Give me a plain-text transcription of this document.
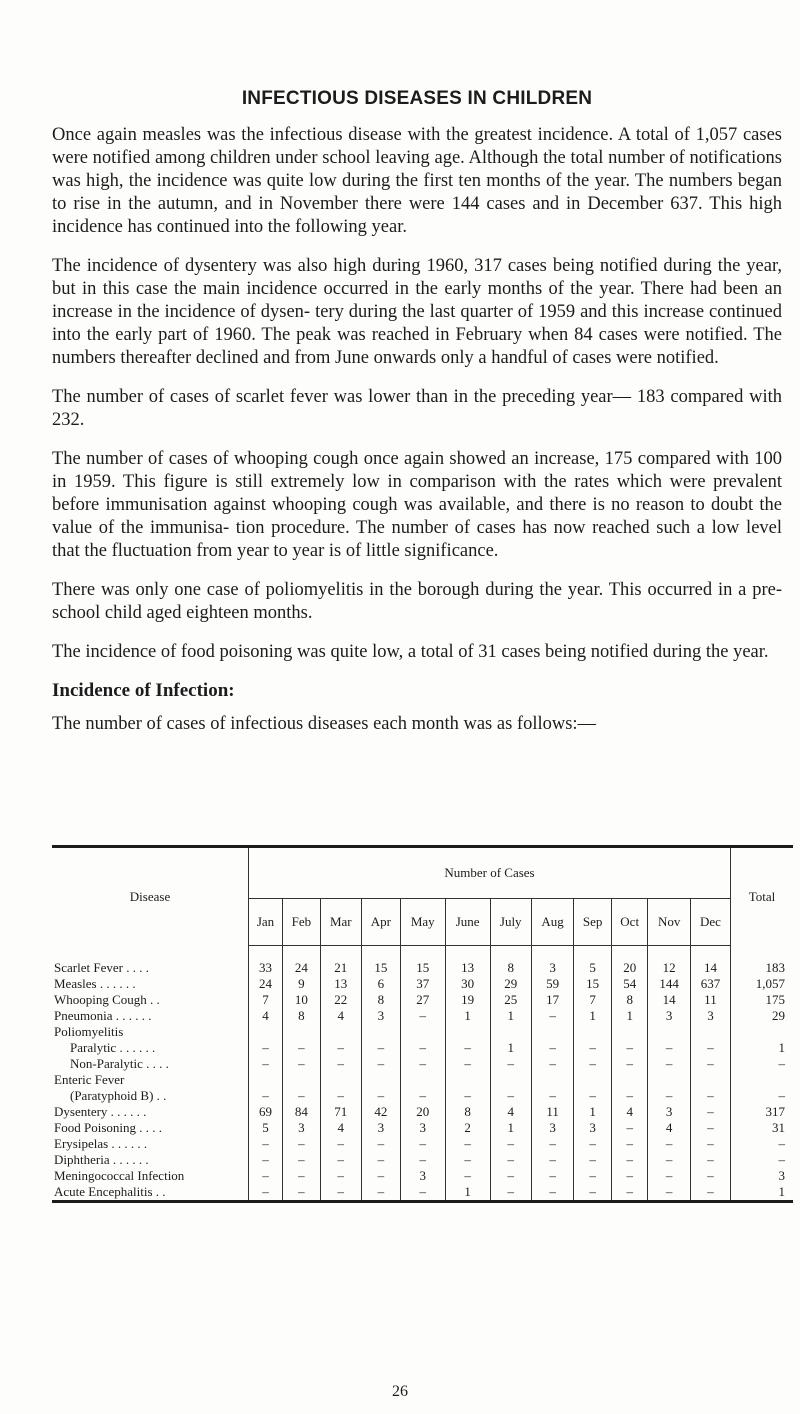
INFECTIOUS DISEASES IN CHILDREN

Once again measles was the infectious disease with the greatest incidence. A total of 1,057 cases were notified among children under school leaving age. Although the total number of notifications was high, the incidence was quite low during the first ten months of the year. The numbers began to rise in the autumn, and in November there were 144 cases and in December 637. This high incidence has continued into the following year.

The incidence of dysentery was also high during 1960, 317 cases being notified during the year, but in this case the main incidence occurred in the early months of the year. There had been an increase in the incidence of dysen- tery during the last quarter of 1959 and this increase continued into the early part of 1960. The peak was reached in February when 84 cases were notified. The numbers thereafter declined and from June onwards only a handful of cases were notified.

The number of cases of scarlet fever was lower than in the preceding year— 183 compared with 232.

The number of cases of whooping cough once again showed an increase, 175 compared with 100 in 1959. This figure is still extremely low in comparison with the rates which were prevalent before immunisation against whooping cough was available, and there is no reason to doubt the value of the immunisa- tion procedure. The number of cases has now reached such a low level that the fluctuation from year to year is of little significance.

There was only one case of poliomyelitis in the borough during the year. This occurred in a pre-school child aged eighteen months.

The incidence of food poisoning was quite low, a total of 31 cases being notified during the year.

Incidence of Infection:

The number of cases of infectious diseases each month was as follows:—

Disease	Number of Cases												Total
	Jan	Feb	Mar	Apr	May	June	July	Aug	Sep	Oct	Nov	Dec	
Scarlet Fever . . . .	33	24	21	15	15	13	8	3	5	20	12	14	183
Measles . . . . . .	24	9	13	6	37	30	29	59	15	54	144	637	1,057
Whooping Cough . .	7	10	22	8	27	19	25	17	7	8	14	11	175
Pneumonia . . . . . .	4	8	4	3	–	1	1	–	1	1	3	3	29
Poliomyelitis													
Paralytic . . . . . .	–	–	–	–	–	–	1	–	–	–	–	–	1
Non-Paralytic . . . .	–	–	–	–	–	–	–	–	–	–	–	–	–
Enteric Fever													
(Paratyphoid B) . .	–	–	–	–	–	–	–	–	–	–	–	–	–
Dysentery . . . . . .	69	84	71	42	20	8	4	11	1	4	3	–	317
Food Poisoning . . . .	5	3	4	3	3	2	1	3	3	–	4	–	31
Erysipelas . . . . . .	–	–	–	–	–	–	–	–	–	–	–	–	–
Diphtheria . . . . . .	–	–	–	–	–	–	–	–	–	–	–	–	–
Meningococcal Infection	–	–	–	–	3	–	–	–	–	–	–	–	3
Acute Encephalitis . .	–	–	–	–	–	1	–	–	–	–	–	–	1
26
